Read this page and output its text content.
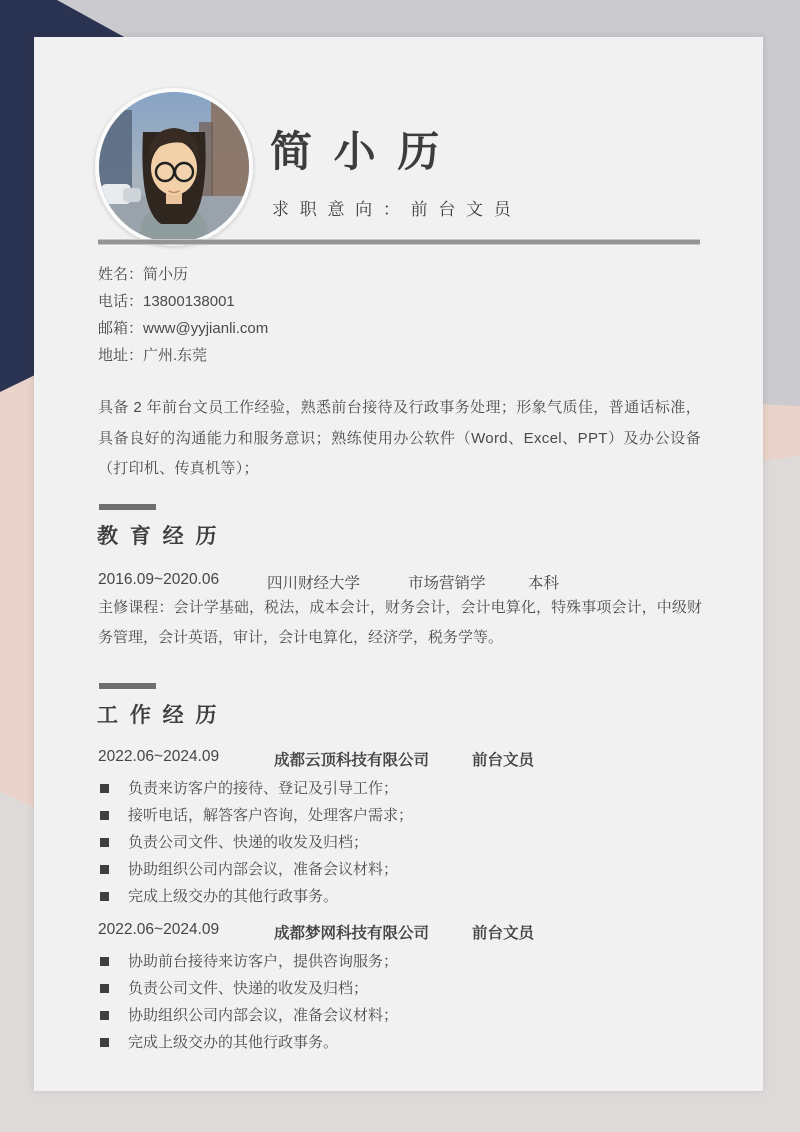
简 小 历
求 职 意 向 ： 前 台 文 员
姓名：简小历
电话：13800138001
邮箱：www@yyjianli.com
地址：广州.东莞
具备 2 年前台文员工作经验，熟悉前台接待及行政事务处理；形象气质佳，普通话标准，具备良好的沟通能力和服务意识；熟练使用办公软件（Word、Excel、PPT）及办公设备（打印机、传真机等）；
教 育 经 历
2016.09~2020.06	四川财经大学	市场营销学	本科
主修课程：会计学基础，税法，成本会计，财务会计，会计电算化，特殊事项会计，中级财务管理，会计英语，审计，会计电算化，经济学，税务学等。
工 作 经 历
2022.06~2024.09	成都云顶科技有限公司	前台文员
负责来访客户的接待、登记及引导工作；
接听电话，解答客户咨询，处理客户需求；
负责公司文件、快递的收发及归档；
协助组织公司内部会议，准备会议材料；
完成上级交办的其他行政事务。
2022.06~2024.09	成都梦网科技有限公司	前台文员
协助前台接待来访客户，提供咨询服务；
负责公司文件、快递的收发及归档；
协助组织公司内部会议，准备会议材料；
完成上级交办的其他行政事务。
